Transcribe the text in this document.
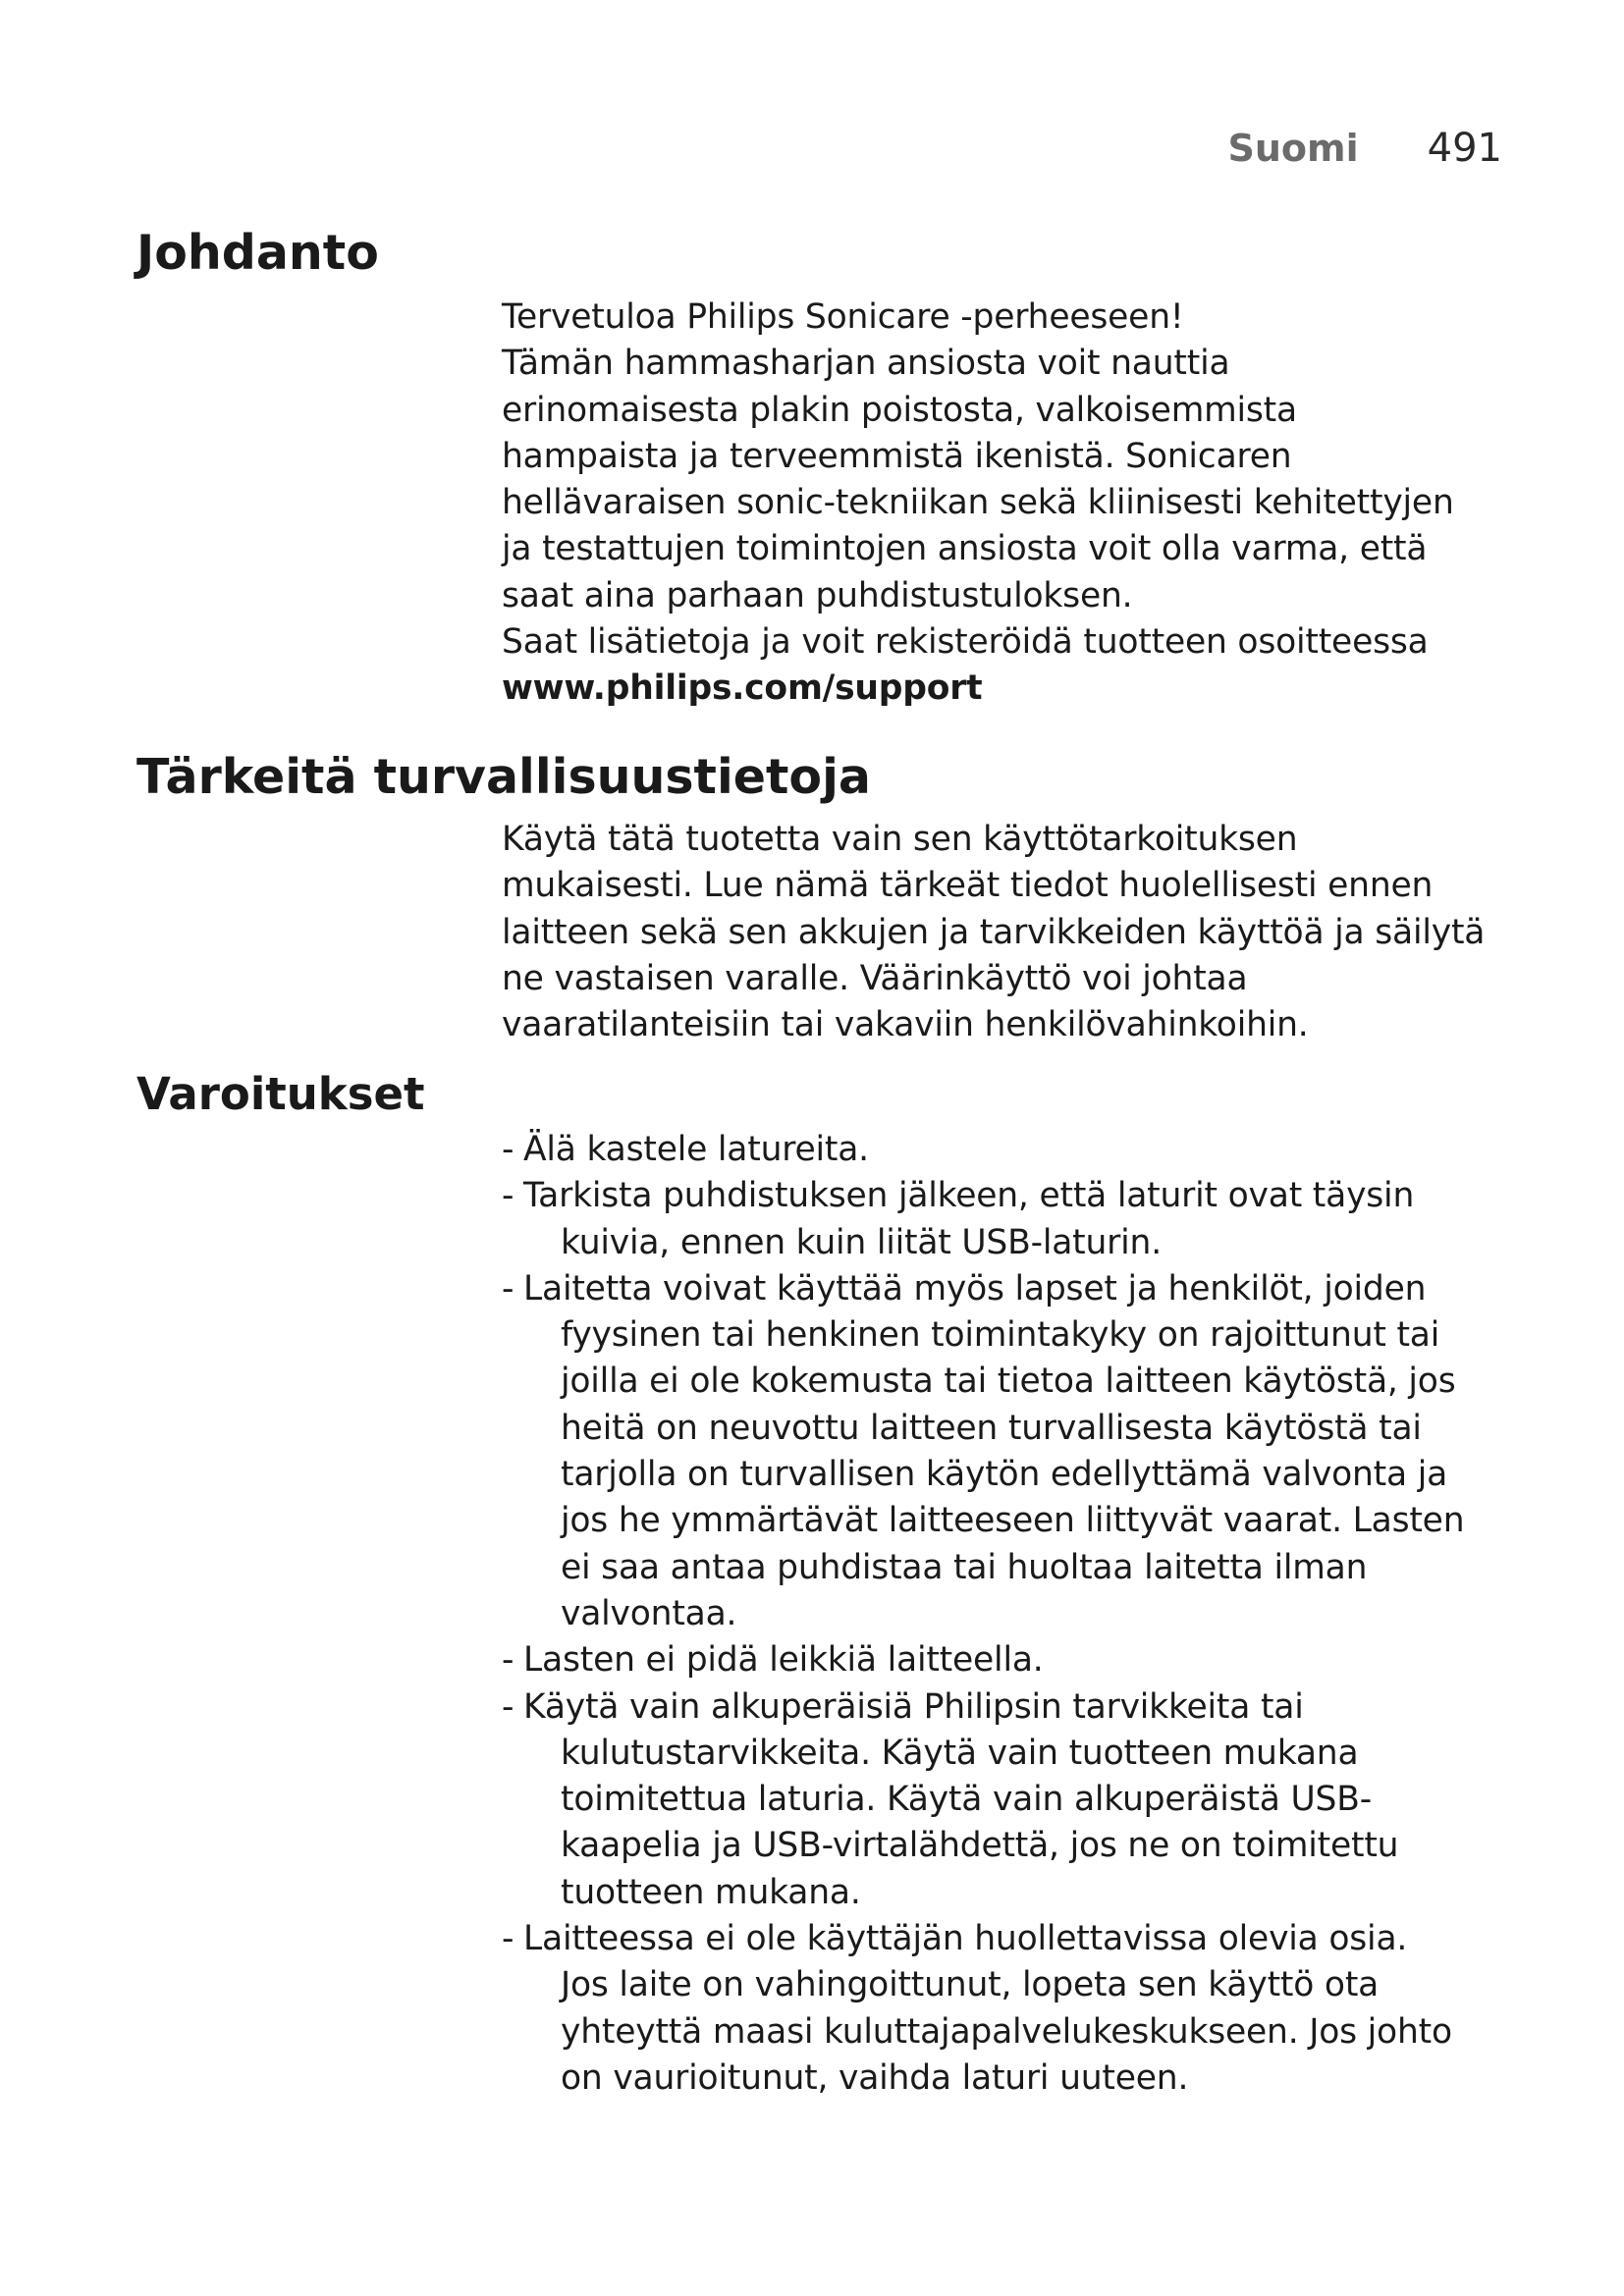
Suomi 491
Johdanto
Tervetuloa Philips Sonicare -perheeseen!
Tämän hammasharjan ansiosta voit nauttia
erinomaisesta plakin poistosta, valkoisemmista
hampaista ja terveemmistä ikenistä. Sonicaren
hellävaraisen sonic-tekniikan sekä kliinisesti kehitettyjen
ja testattujen toimintojen ansiosta voit olla varma, että
saat aina parhaan puhdistustuloksen.
Saat lisätietoja ja voit rekisteröidä tuotteen osoitteessa
www.philips.com/support
Tärkeitä turvallisuustietoja
Käytä tätä tuotetta vain sen käyttötarkoituksen
mukaisesti. Lue nämä tärkeät tiedot huolellisesti ennen
laitteen sekä sen akkujen ja tarvikkeiden käyttöä ja säilytä
ne vastaisen varalle. Väärinkäyttö voi johtaa
vaaratilanteisiin tai vakaviin henkilövahinkoihin.
Varoitukset
- Älä kastele latureita.
- Tarkista puhdistuksen jälkeen, että laturit ovat täysin
kuivia, ennen kuin liität USB-laturin.
- Laitetta voivat käyttää myös lapset ja henkilöt, joiden
fyysinen tai henkinen toimintakyky on rajoittunut tai
joilla ei ole kokemusta tai tietoa laitteen käytöstä, jos
heitä on neuvottu laitteen turvallisesta käytöstä tai
tarjolla on turvallisen käytön edellyttämä valvonta ja
jos he ymmärtävät laitteeseen liittyvät vaarat. Lasten
ei saa antaa puhdistaa tai huoltaa laitetta ilman
valvontaa.
- Lasten ei pidä leikkiä laitteella.
- Käytä vain alkuperäisiä Philipsin tarvikkeita tai
kulutustarvikkeita. Käytä vain tuotteen mukana
toimitettua laturia. Käytä vain alkuperäistä USB-
kaapelia ja USB-virtalähdettä, jos ne on toimitettu
tuotteen mukana.
- Laitteessa ei ole käyttäjän huollettavissa olevia osia.
Jos laite on vahingoittunut, lopeta sen käyttö ota
yhteyttä maasi kuluttajapalvelukeskukseen. Jos johto
on vaurioitunut, vaihda laturi uuteen.
